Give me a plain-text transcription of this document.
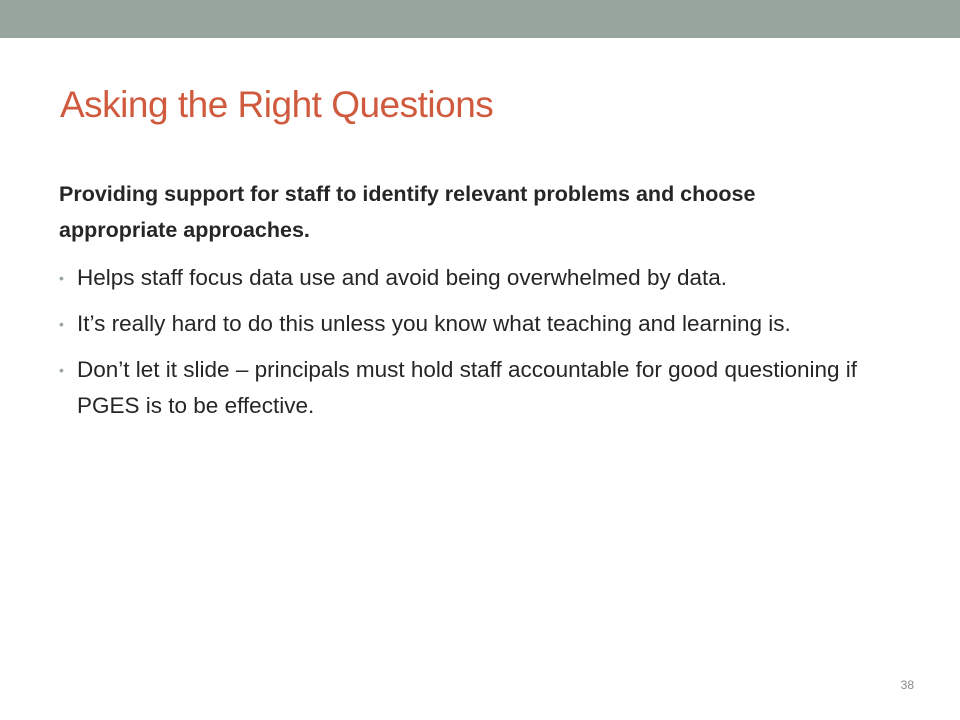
Asking the Right Questions

Providing support for staff to identify relevant problems and choose appropriate approaches.

• Helps staff focus data use and avoid being overwhelmed by data.
• It’s really hard to do this unless you know what teaching and learning is.
• Don’t let it slide – principals must hold staff accountable for good questioning if PGES is to be effective.
38
